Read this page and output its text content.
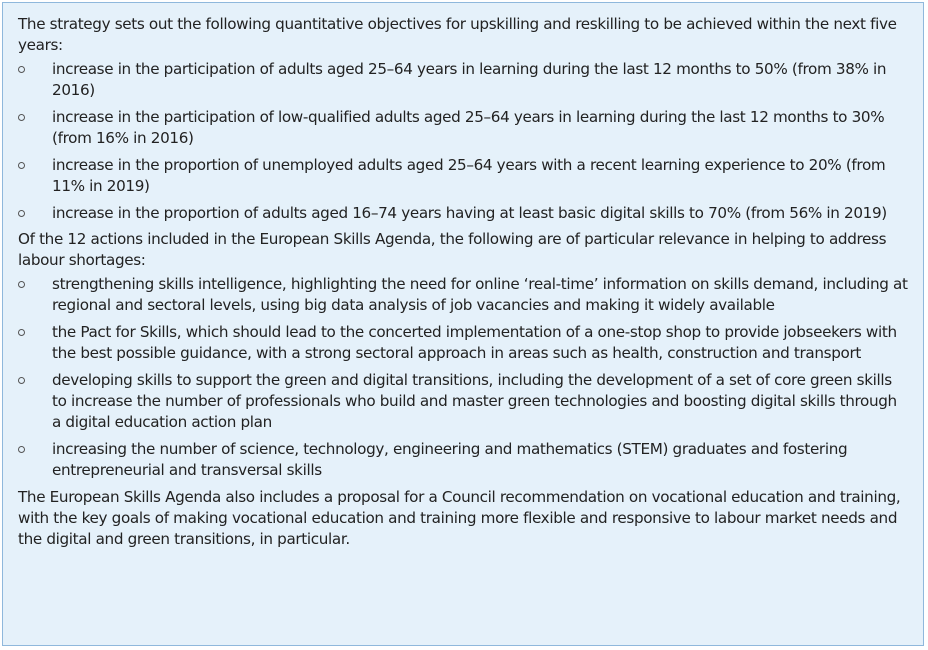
The strategy sets out the following quantitative objectives for upskilling and reskilling to be achieved within the next five years:

increase in the participation of adults aged 25–64 years in learning during the last 12 months to 50% (from 38% in 2016)
increase in the participation of low-qualified adults aged 25–64 years in learning during the last 12 months to 30% (from 16% in 2016)
increase in the proportion of unemployed adults aged 25–64 years with a recent learning experience to 20% (from 11% in 2019)
increase in the proportion of adults aged 16–74 years having at least basic digital skills to 70% (from 56% in 2019)

Of the 12 actions included in the European Skills Agenda, the following are of particular relevance in helping to address labour shortages:

strengthening skills intelligence, highlighting the need for online ‘real-time’ information on skills demand, including at regional and sectoral levels, using big data analysis of job vacancies and making it widely available
the Pact for Skills, which should lead to the concerted implementation of a one-stop shop to provide jobseekers with the best possible guidance, with a strong sectoral approach in areas such as health, construction and transport
developing skills to support the green and digital transitions, including the development of a set of core green skills to increase the number of professionals who build and master green technologies and boosting digital skills through a digital education action plan
increasing the number of science, technology, engineering and mathematics (STEM) graduates and fostering entrepreneurial and transversal skills

The European Skills Agenda also includes a proposal for a Council recommendation on vocational education and training, with the key goals of making vocational education and training more flexible and responsive to labour market needs and the digital and green transitions, in particular.
